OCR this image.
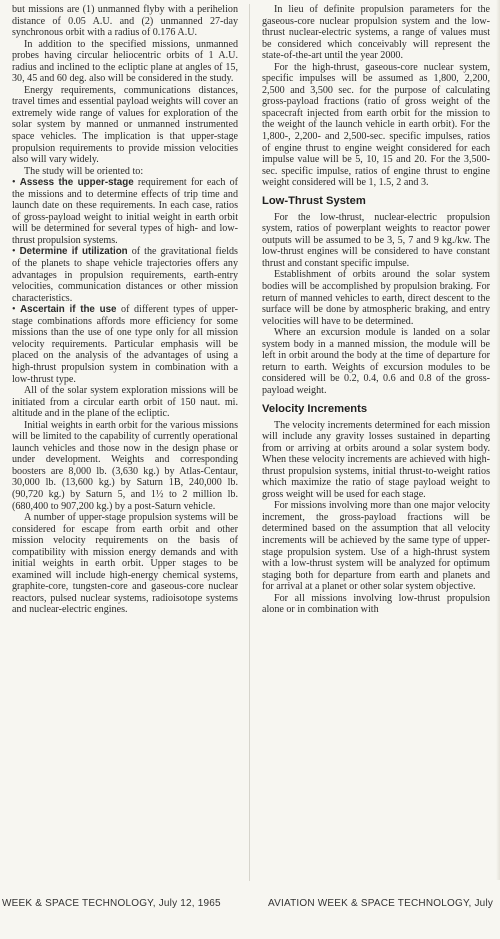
but missions are (1) unmanned flyby with a perihelion distance of 0.05 A.U. and (2) unmanned 27-day synchronous orbit with a radius of 0.176 A.U.

In addition to the specified missions, unmanned probes having circular heliocentric orbits of 1 A.U. radius and inclined to the ecliptic plane at angles of 15, 30, 45 and 60 deg. also will be considered in the study.

Energy requirements, communications distances, travel times and essential payload weights will cover an extremely wide range of values for exploration of the solar system by manned or unmanned instrumented space vehicles. The implication is that upper-stage propulsion requirements to provide mission velocities also will vary widely.

The study will be oriented to:

• Assess the upper-stage requirement for each of the missions and to determine effects of trip time and launch date on these requirements. In each case, ratios of gross-payload weight to initial weight in earth orbit will be determined for several types of high- and low-thrust propulsion systems.

• Determine if utilization of the gravitational fields of the planets to shape vehicle trajectories offers any advantages in propulsion requirements, earth-entry velocities, communication distances or other mission characteristics.

• Ascertain if the use of different types of upper-stage combinations affords more efficiency for some missions than the use of one type only for all mission velocity requirements. Particular emphasis will be placed on the analysis of the advantages of using a high-thrust propulsion system in combination with a low-thrust type.

All of the solar system exploration missions will be initiated from a circular earth orbit of 150 naut. mi. altitude and in the plane of the ecliptic.

Initial weights in earth orbit for the various missions will be limited to the capability of currently operational launch vehicles and those now in the design phase or under development. Weights and corresponding boosters are 8,000 lb. (3,630 kg.) by Atlas-Centaur, 30,000 lb. (13,600 kg.) by Saturn 1B, 240,000 lb. (90,720 kg.) by Saturn 5, and 1½ to 2 million lb. (680,400 to 907,200 kg.) by a post-Saturn vehicle.

A number of upper-stage propulsion systems will be considered for escape from earth orbit and other mission velocity requirements on the basis of compatibility with mission energy demands and with initial weights in earth orbit. Upper stages to be examined will include high-energy chemical systems, graphite-core, tungsten-core and gaseous-core nuclear reactors, pulsed nuclear systems, radioisotope systems and nuclear-electric engines.

In lieu of definite propulsion parameters for the gaseous-core nuclear propulsion system and the low-thrust nuclear-electric systems, a range of values must be considered which conceivably will represent the state-of-the-art until the year 2000.

For the high-thrust, gaseous-core nuclear system, specific impulses will be assumed as 1,800, 2,200, 2,500 and 3,500 sec. for the purpose of calculating gross-payload fractions (ratio of gross weight of the spacecraft injected from earth orbit for the mission to the weight of the launch vehicle in earth orbit). For the 1,800-, 2,200- and 2,500-sec. specific impulses, ratios of engine thrust to engine weight considered for each impulse value will be 5, 10, 15 and 20. For the 3,500-sec. specific impulse, ratios of engine thrust to engine weight considered will be 1, 1.5, 2 and 3.

Low-Thrust System

For the low-thrust, nuclear-electric propulsion system, ratios of powerplant weights to reactor power outputs will be assumed to be 3, 5, 7 and 9 kg./kw. The low-thrust engines will be considered to have constant thrust and constant specific impulse.

Establishment of orbits around the solar system bodies will be accomplished by propulsion braking. For return of manned vehicles to earth, direct descent to the surface will be done by atmospheric braking, and entry velocities will have to be determined.

Where an excursion module is landed on a solar system body in a manned mission, the module will be left in orbit around the body at the time of departure for return to earth. Weights of excursion modules to be considered will be 0.2, 0.4, 0.6 and 0.8 of the gross-payload weight.

Velocity Increments

The velocity increments determined for each mission will include any gravity losses sustained in departing from or arriving at orbits around a solar system body. When these velocity increments are achieved with high-thrust propulsion systems, initial thrust-to-weight ratios which maximize the ratio of stage payload weight to gross weight will be used for each stage.

For missions involving more than one major velocity increment, the gross-payload fractions will be determined based on the assumption that all velocity increments will be achieved by the same type of upper-stage propulsion system. Use of a high-thrust system with a low-thrust system will be analyzed for optimum staging both for departure from earth and planets and for arrival at a planet or other solar system objective.

For all missions involving low-thrust propulsion alone or in combination with

WEEK & SPACE TECHNOLOGY, July 12, 1965	AVIATION WEEK & SPACE TECHNOLOGY, July
